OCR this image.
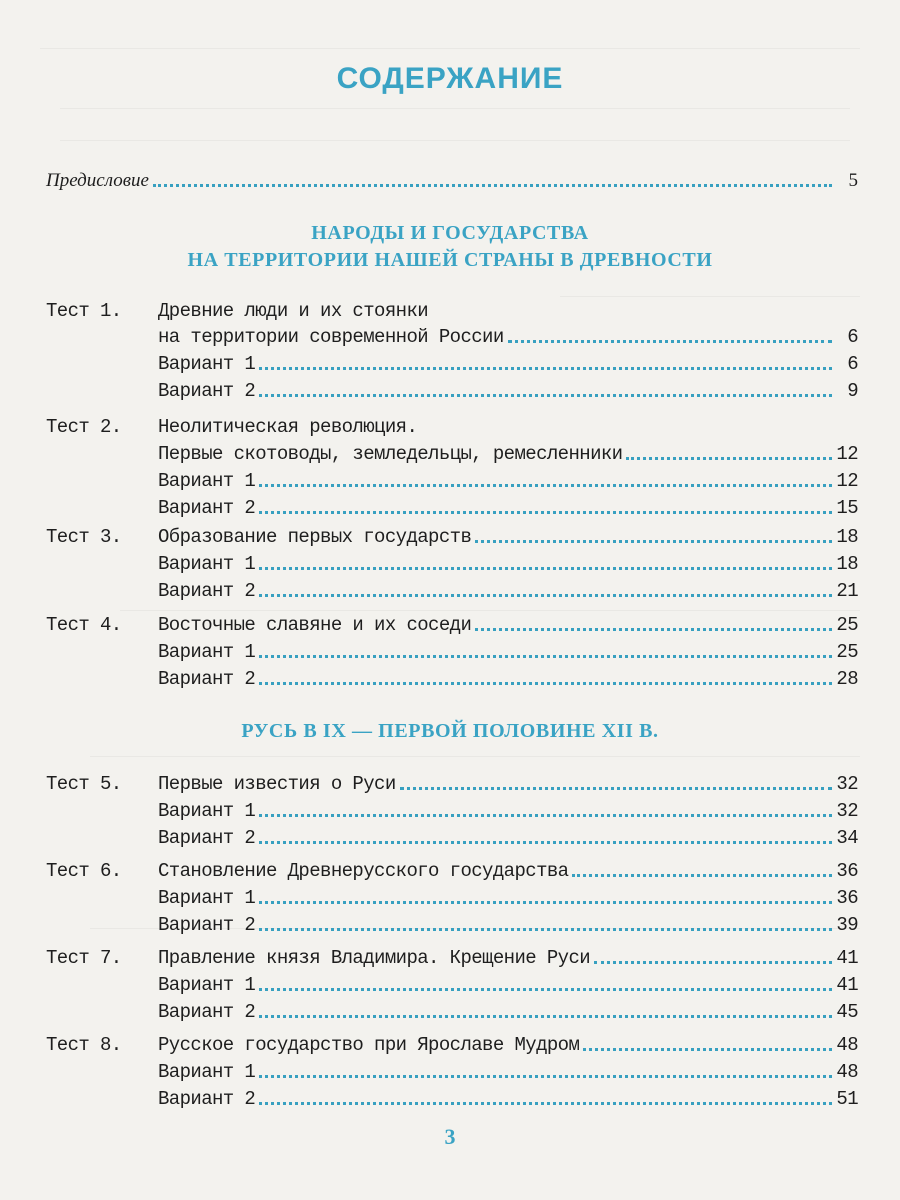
СОДЕРЖАНИЕ
Предисловие	5
НАРОДЫ И ГОСУДАРСТВА
НА ТЕРРИТОРИИ НАШЕЙ СТРАНЫ В ДРЕВНОСТИ
РУСЬ В IX — ПЕРВОЙ ПОЛОВИНЕ XII В.
Тест 1. Древние люди и их стоянки
на территории современной России	6
Вариант 1	6
Вариант 2	9
Тест 2. Неолитическая революция.
Первые скотоводы, земледельцы, ремесленники	12
Вариант 1	12
Вариант 2	15
Тест 3. Образование первых государств	18
Вариант 1	18
Вариант 2	21
Тест 4. Восточные славяне и их соседи	25
Вариант 1	25
Вариант 2	28
Тест 5. Первые известия о Руси	32
Вариант 1	32
Вариант 2	34
Тест 6. Становление Древнерусского государства	36
Вариант 1	36
Вариант 2	39
Тест 7. Правление князя Владимира. Крещение Руси	41
Вариант 1	41
Вариант 2	45
Тест 8. Русское государство при Ярославе Мудром	48
Вариант 1	48
Вариант 2	51
3
